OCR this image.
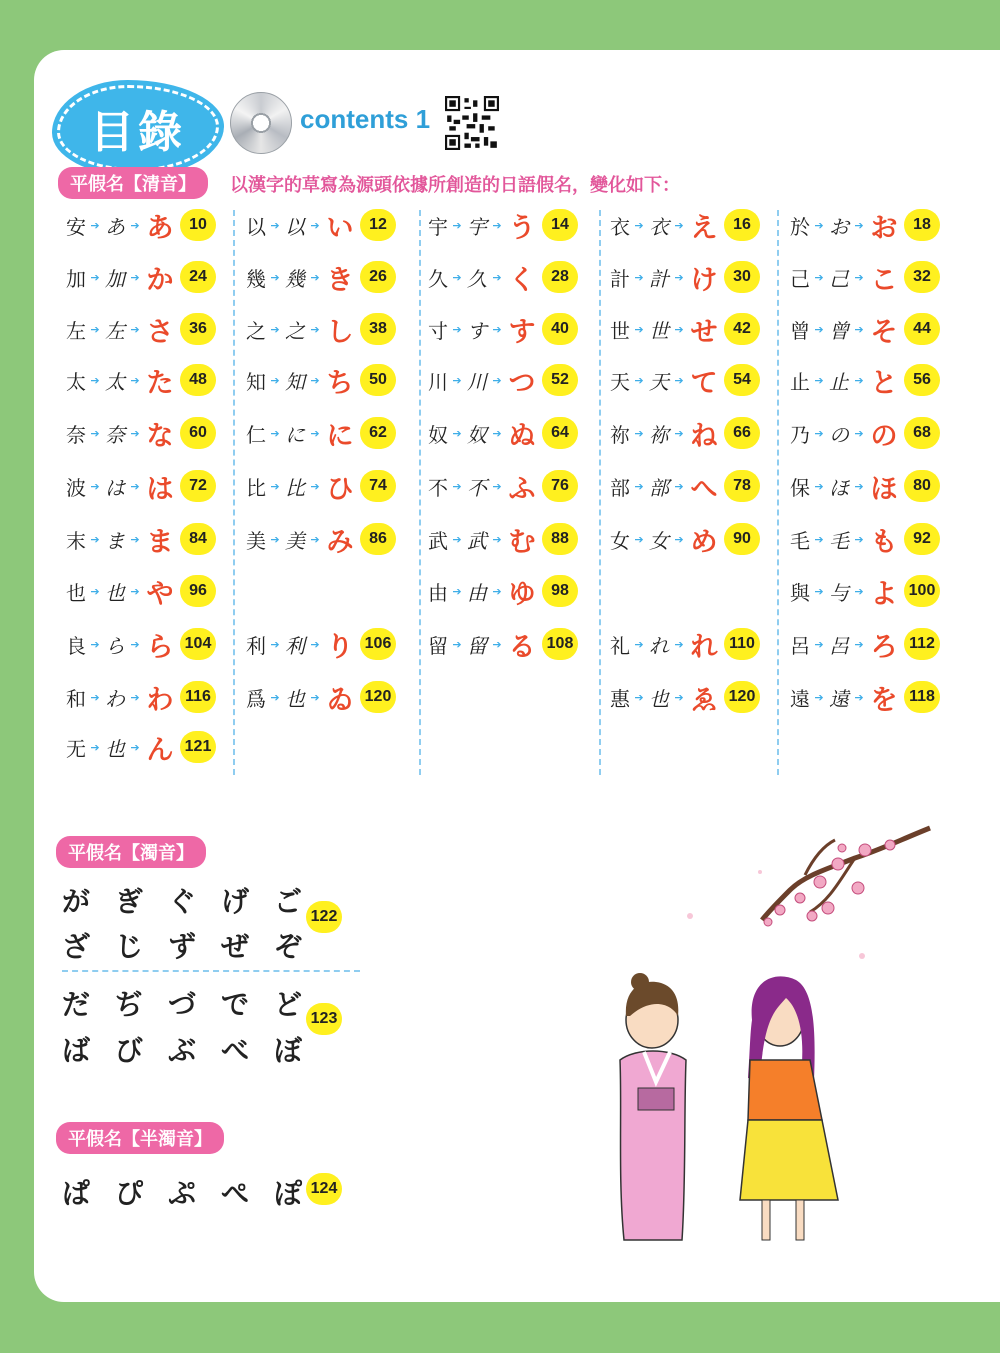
目錄	contents 1
平假名【清音】	以漢字的草寫為源頭依據所創造的日語假名，變化如下：
安 ➔ あ ➔ あ 10
加 ➔ 加 ➔ か 24
左 ➔ 左 ➔ さ 36
太 ➔ 太 ➔ た 48
奈 ➔ 奈 ➔ な 60
波 ➔ は ➔ は 72
末 ➔ ま ➔ ま 84
也 ➔ 也 ➔ や 96
良 ➔ ら ➔ ら 104
和 ➔ わ ➔ わ 116
无 ➔ 也 ➔ ん 121
以 ➔ 以 ➔ い 12
幾 ➔ 幾 ➔ き 26
之 ➔ 之 ➔ し 38
知 ➔ 知 ➔ ち 50
仁 ➔ に ➔ に 62
比 ➔ 比 ➔ ひ 74
美 ➔ 美 ➔ み 86
利 ➔ 利 ➔ り 106
爲 ➔ 也 ➔ ゐ 120
宇 ➔ 宇 ➔ う 14
久 ➔ 久 ➔ く 28
寸 ➔ す ➔ す 40
川 ➔ 川 ➔ つ 52
奴 ➔ 奴 ➔ ぬ 64
不 ➔ 不 ➔ ふ 76
武 ➔ 武 ➔ む 88
由 ➔ 由 ➔ ゆ 98
留 ➔ 留 ➔ る 108
衣 ➔ 衣 ➔ え 16
計 ➔ 計 ➔ け 30
世 ➔ 世 ➔ せ 42
天 ➔ 天 ➔ て 54
祢 ➔ 祢 ➔ ね 66
部 ➔ 部 ➔ へ 78
女 ➔ 女 ➔ め 90
礼 ➔ れ ➔ れ 110
惠 ➔ 也 ➔ ゑ 120
於 ➔ お ➔ お 18
己 ➔ 己 ➔ こ 32
曾 ➔ 曾 ➔ そ 44
止 ➔ 止 ➔ と 56
乃 ➔ の ➔ の 68
保 ➔ ほ ➔ ほ 80
毛 ➔ 毛 ➔ も 92
與 ➔ 与 ➔ よ 100
呂 ➔ 呂 ➔ ろ 112
遠 ➔ 遠 ➔ を 118
平假名【濁音】
が ぎ ぐ げ ご
ざ じ ず ぜ ぞ
122
だ ぢ づ で ど
ば び ぶ べ ぼ
123
平假名【半濁音】
ぱ ぴ ぷ ぺ ぽ 124
